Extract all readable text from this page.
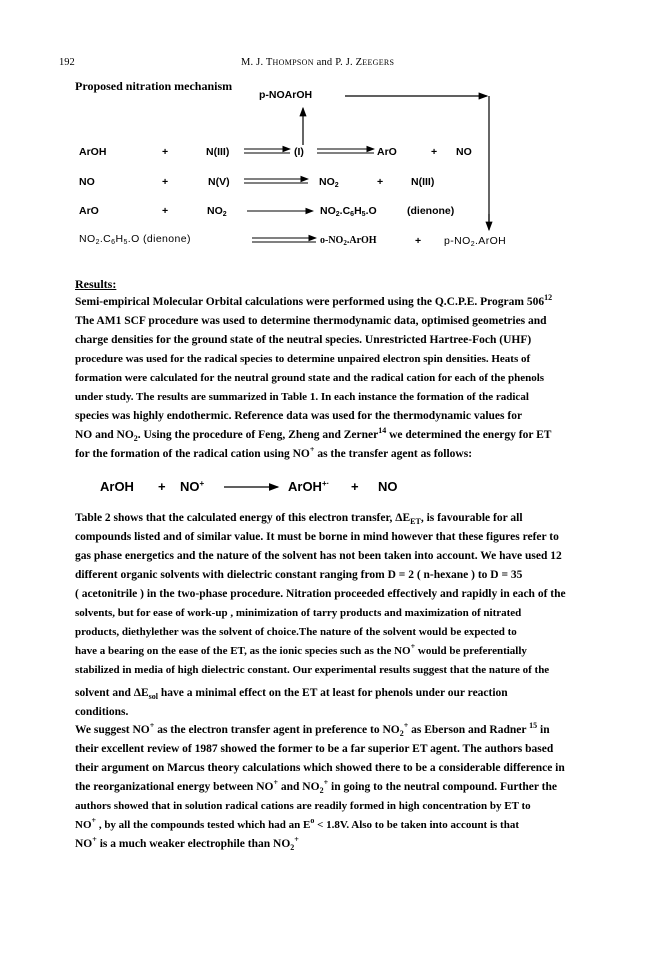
192	M. J. THOMPSON and P. J. ZEEGERS
Proposed nitration mechanism
p-NOArOH
ArOH	+	N(III)	(I)	ArO	+ NO
NO	+	N(V)	$NO_2$	+	N(III)
ArO	+	$NO_2$	$NO_2.C_6H_5.O$	(dienone)
$NO_2.C_6H_5.O$ (dienone)	$o-NO_2.ArOH$	+ $p-NO_2.ArOH$
Results:
Semi-empirical Molecular Orbital calculations were performed using the Q.C.P.E. Program $506^{12}$
The AM1 SCF procedure was used to determine thermodynamic data, optimised geometries and
charge densities for the ground state of the neutral species. Unrestricted Hartree-Foch (UHF)
procedure was used for the radical species to determine unpaired electron spin densities. Heats of
formation were calculated for the neutral ground state and the radical cation for each of the phenols
under study. The results are summarized in Table 1. In each instance the formation of the radical
species was highly endothermic. Reference data was used for the thermodynamic values for
NO and $NO_2$. Using the procedure of Feng, Zheng and Zerner$^{14}$ we determined the energy for ET
for the formation of the radical cation using NO+ as the transfer agent as follows:
ArOH + NO+	ArOH+· + NO
Table 2 shows that the calculated energy of this electron transfer, $\Delta E_{ET}$, is favourable for all
compounds listed and of similar value. It must be borne in mind however that these figures refer to
gas phase energetics and the nature of the solvent has not been taken into account. We have used 12
different organic solvents with dielectric constant ranging from D = 2 ( n-hexane ) to D = 35
( acetonitrile ) in the two-phase procedure. Nitration proceeded effectively and rapidly in each of the
solvents, but for ease of work-up , minimization of tarry products and maximization of nitrated
products, diethylether was the solvent of choice.The nature of the solvent would be expected to
have a bearing on the ease of the ET, as the ionic species such as the NO+ would be preferentially
stabilized in media of high dielectric constant. Our experimental results suggest that the nature of the
solvent and $\Delta E_{sol}$ have a minimal effect on the ET at least for phenols under our reaction
conditions.
We suggest NO+ as the electron transfer agent in preference to $NO_2^+$ as Eberson and Radner $^{15}$ in
their excellent review of 1987 showed the former to be a far superior ET agent. The authors based
their argument on Marcus theory calculations which showed there to be a considerable difference in
the reorganizational energy between NO+ and $NO_2^+$ in going to the neutral compound. Further the
authors showed that in solution radical cations are readily formed in high concentration by ET to
NO+ , by all the compounds tested which had an $E^o < 1.8V$. Also to be taken into account is that
NO+ is a much weaker electrophile than $NO_2^+$
